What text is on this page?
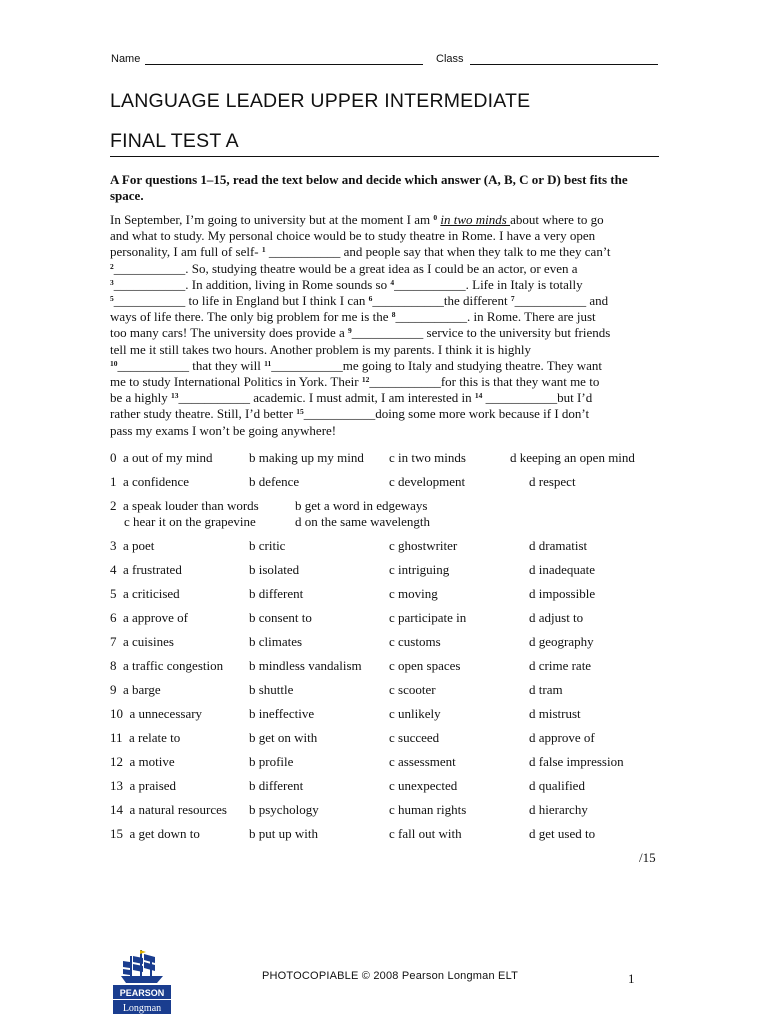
Name	Class
LANGUAGE LEADER UPPER INTERMEDIATE
FINAL TEST A
A For questions 1–15, read the text below and decide which answer (A, B, C or D) best fits the space.

In September, I’m going to university but at the moment I am $^0$ in two minds about where to go

and what to study. My personal choice would be to study theatre in Rome. I have a very open

personality, I am full of self- $^1$ ___________ and people say that when they talk to me they can’t

$^2$___________. So, studying theatre would be a great idea as I could be an actor, or even a

$^3$___________. In addition, living in Rome sounds so $^4$___________. Life in Italy is totally

$^5$___________ to life in England but I think I can $^6$___________the different $^7$___________ and

ways of life there. The only big problem for me is the $^8$___________. in Rome. There are just

too many cars! The university does provide a $^9$___________ service to the university but friends

tell me it still takes two hours. Another problem is my parents. I think it is highly

$^{10}$___________ that they will $^{11}$___________me going to Italy and studying theatre. They want

me to study International Politics in York. Their $^{12}$___________for this is that they want me to

be a highly $^{13}$___________ academic. I must admit, I am interested in $^{14}$ ___________but I’d

rather study theatre. Still, I’d better $^{15}$___________doing some more work because if I don’t

pass my exams I won’t be going anywhere!

0 a out of my mind	b making up my mind c in two minds	d keeping an open mind
1 a confidence	b defence	c development	d respect
2 a speak louder than words	b get a word in edgeways
c hear it on the grapevine	d on the same wavelength
3 a poet	b critic	c ghostwriter	d dramatist
4 a frustrated	b isolated	c intriguing	d inadequate
5 a criticised	b different	c moving	d impossible
6 a approve of	b consent to	c participate in	d adjust to
7 a cuisines	b climates	c customs	d geography
8 a traffic congestion b mindless vandalism c open spaces	d crime rate
9 a barge	b shuttle	c scooter	d tram
10 a unnecessary	b ineffective	c unlikely	d mistrust
11 a relate to	b get on with	c succeed	d approve of
12 a motive	b profile	c assessment	d false impression
13 a praised	b different	c unexpected	d qualified
14 a natural resources b psychology	c human rights	d hierarchy
15 a get down to	b put up with	c fall out with	d get used to
/15
PEARSON
Longman
PHOTOCOPIABLE © 2008 Pearson Longman ELT	1
